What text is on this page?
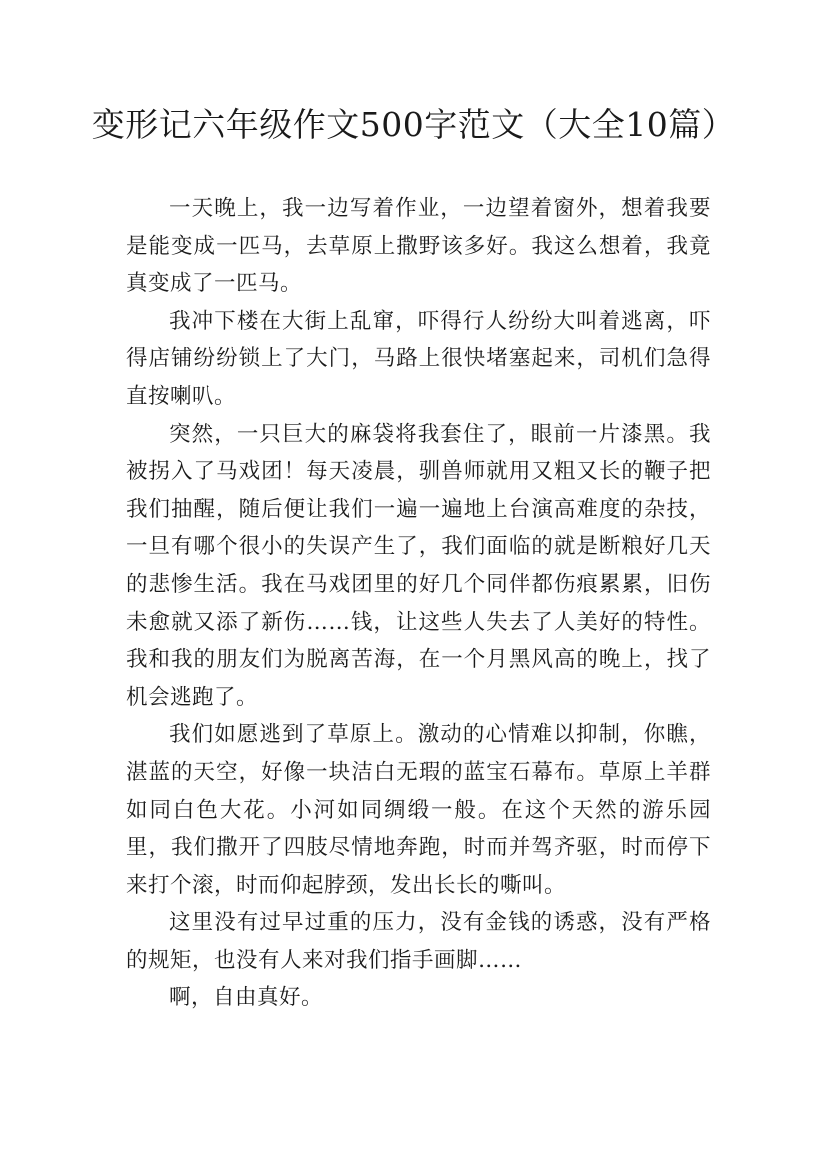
变形记六年级作文500字范文（大全10篇）

一天晚上，我一边写着作业，一边望着窗外，想着我要是能变成一匹马，去草原上撒野该多好。我这么想着，我竟真变成了一匹马。

我冲下楼在大街上乱窜，吓得行人纷纷大叫着逃离，吓得店铺纷纷锁上了大门，马路上很快堵塞起来，司机们急得直按喇叭。

突然，一只巨大的麻袋将我套住了，眼前一片漆黑。我被拐入了马戏团！每天凌晨，驯兽师就用又粗又长的鞭子把我们抽醒，随后便让我们一遍一遍地上台演高难度的杂技，一旦有哪个很小的失误产生了，我们面临的就是断粮好几天的悲惨生活。我在马戏团里的好几个同伴都伤痕累累，旧伤未愈就又添了新伤……钱，让这些人失去了人美好的特性。我和我的朋友们为脱离苦海，在一个月黑风高的晚上，找了机会逃跑了。

我们如愿逃到了草原上。激动的心情难以抑制，你瞧，湛蓝的天空，好像一块洁白无瑕的蓝宝石幕布。草原上羊群如同白色大花。小河如同绸缎一般。在这个天然的游乐园里，我们撒开了四肢尽情地奔跑，时而并驾齐驱，时而停下来打个滚，时而仰起脖颈，发出长长的嘶叫。

这里没有过早过重的压力，没有金钱的诱惑，没有严格的规矩，也没有人来对我们指手画脚……

啊，自由真好。
